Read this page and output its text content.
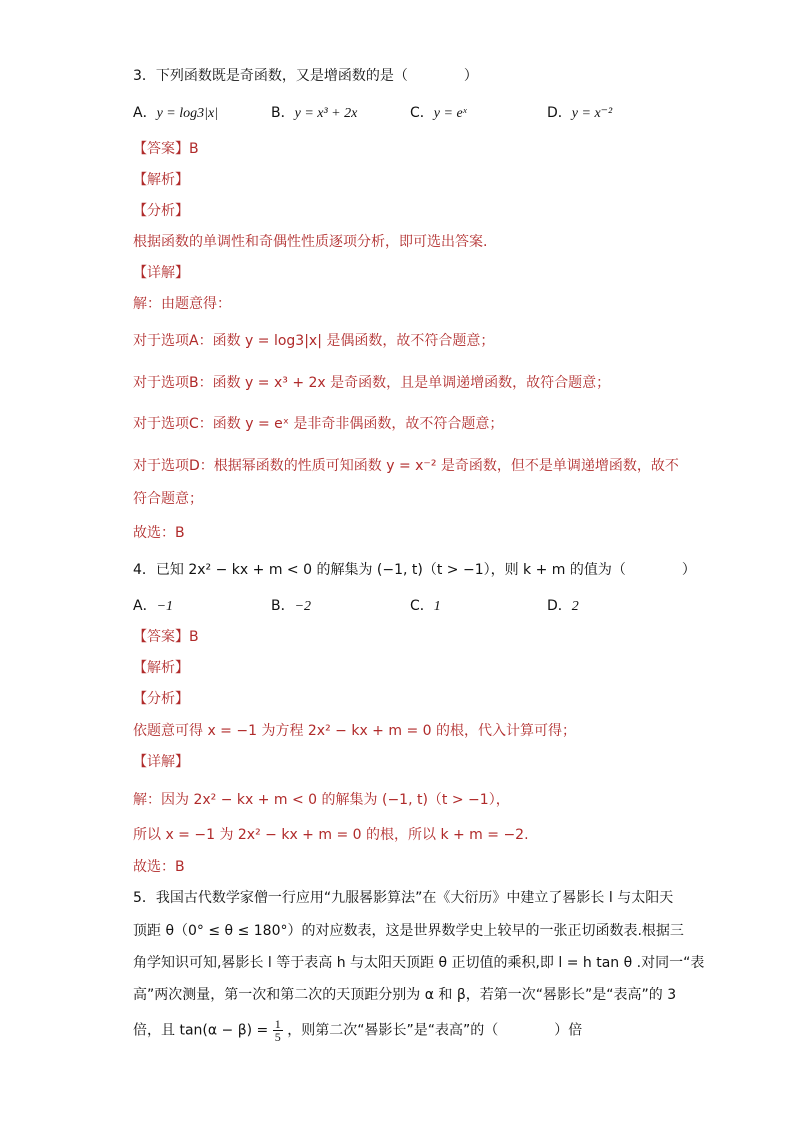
3．下列函数既是奇函数，又是增函数的是（　　　　）
A．y = log3|x|	B．y = x³ + 2x	C．y = eˣ	D．y = x⁻²
【答案】B
【解析】
【分析】
根据函数的单调性和奇偶性性质逐项分析，即可选出答案.
【详解】
解：由题意得：
对于选项A：函数 y = log3|x| 是偶函数，故不符合题意；
对于选项B：函数 y = x³ + 2x 是奇函数，且是单调递增函数，故符合题意；
对于选项C：函数 y = eˣ 是非奇非偶函数，故不符合题意；
对于选项D：根据幂函数的性质可知函数 y = x⁻² 是奇函数，但不是单调递增函数，故不
符合题意；
故选：B
4．已知 2x² − kx + m < 0 的解集为 (−1, t)（t > −1），则 k + m 的值为（　　　　）
A．−1	B．−2	C．1	D．2
【答案】B
【解析】
【分析】
依题意可得 x = −1 为方程 2x² − kx + m = 0 的根，代入计算可得；
【详解】
解：因为 2x² − kx + m < 0 的解集为 (−1, t)（t > −1），
所以 x = −1 为 2x² − kx + m = 0 的根，所以 k + m = −2.
故选：B
5．我国古代数学家僧一行应用“九服晷影算法”在《大衍历》中建立了晷影长 l 与太阳天
顶距 θ（0° ≤ θ ≤ 180°）的对应数表，这是世界数学史上较早的一张正切函数表.根据三
角学知识可知,晷影长 l 等于表高 h 与太阳天顶距 θ 正切值的乘积,即 l = h tan θ .对同一“表
高”两次测量，第一次和第二次的天顶距分别为 α 和 β，若第一次“晷影长”是“表高”的 3
倍，且 $\tan(\alpha - \beta) = \frac{1}{5}$ ，则第二次“晷影长”是“表高”的（　　　　）倍
